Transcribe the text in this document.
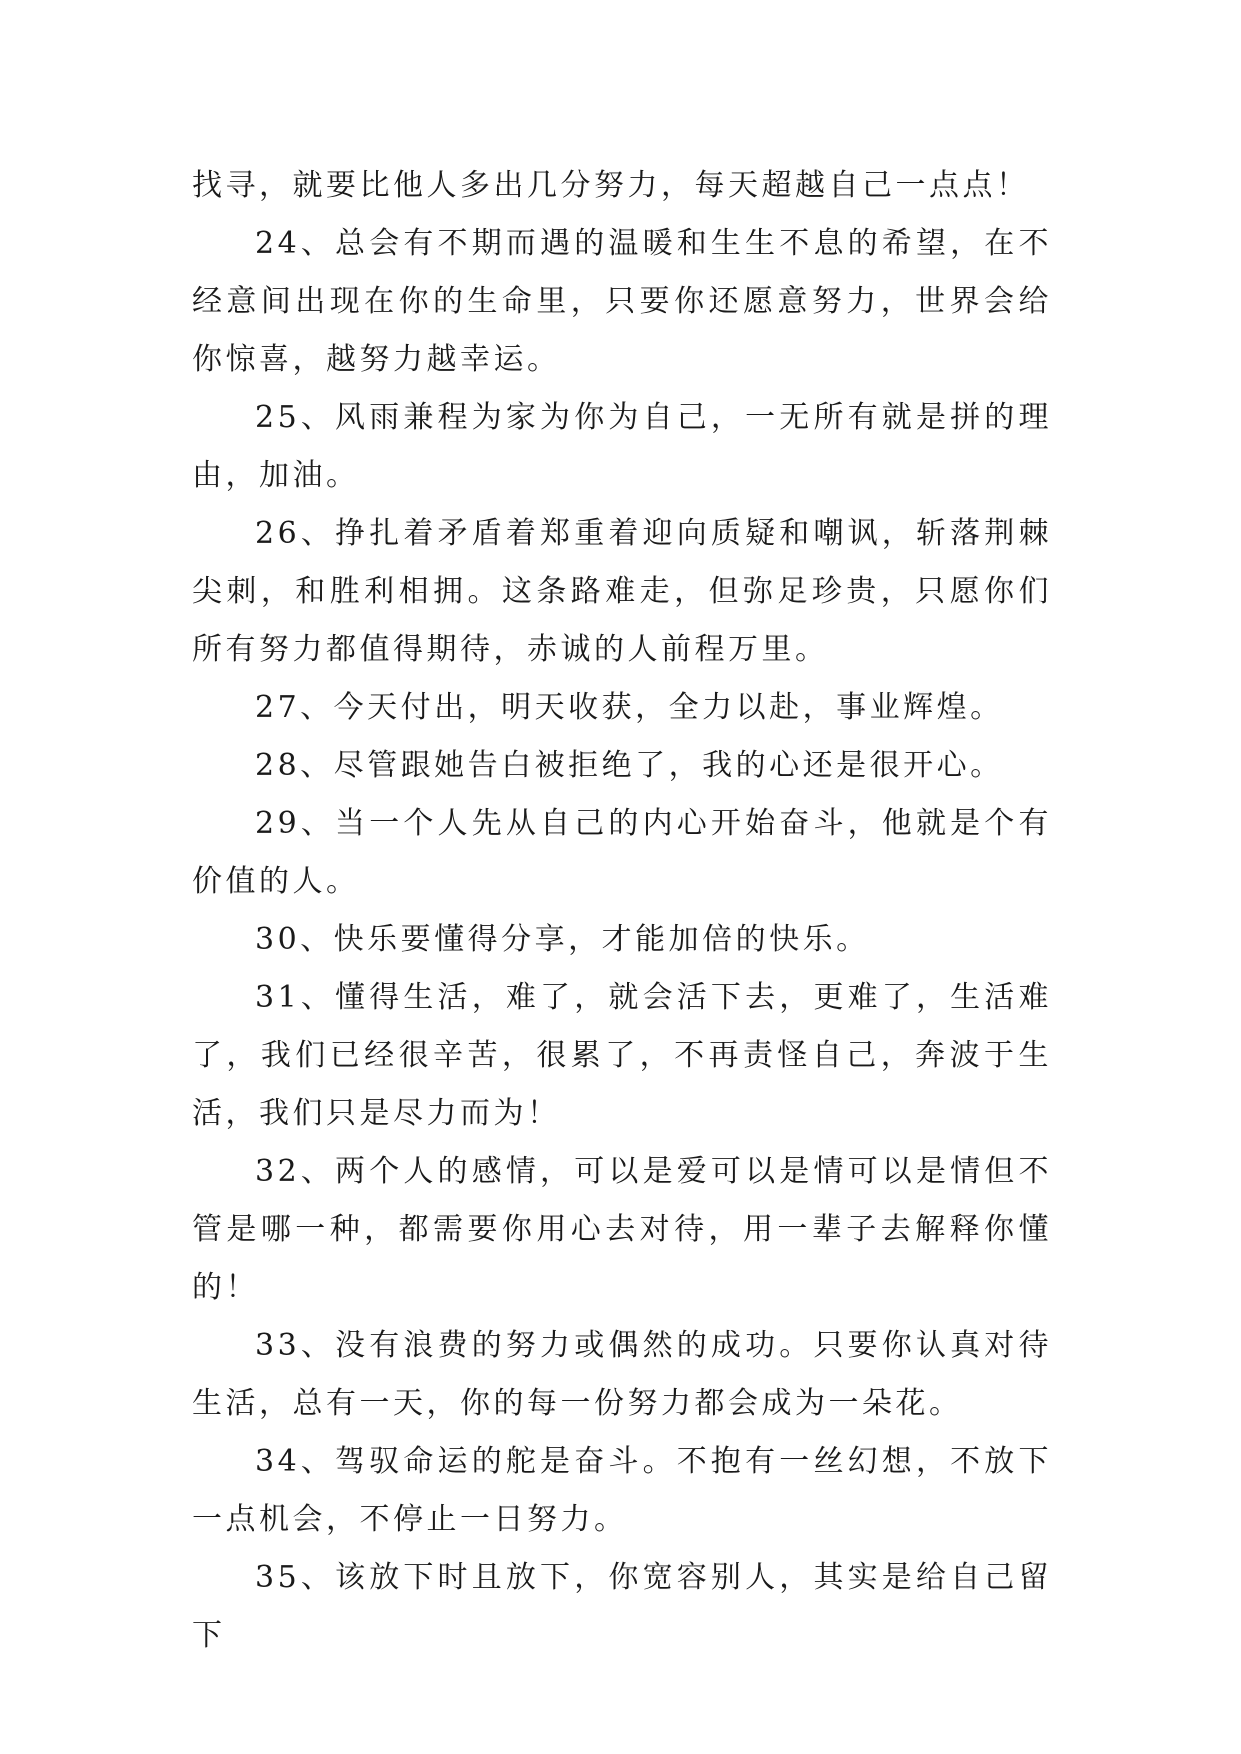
找寻，就要比他人多出几分努力，每天超越自己一点点！

24、总会有不期而遇的温暖和生生不息的希望，在不经意间出现在你的生命里，只要你还愿意努力，世界会给你惊喜，越努力越幸运。

25、风雨兼程为家为你为自己，一无所有就是拼的理由，加油。

26、挣扎着矛盾着郑重着迎向质疑和嘲讽，斩落荆棘尖刺，和胜利相拥。这条路难走，但弥足珍贵，只愿你们所有努力都值得期待，赤诚的人前程万里。

27、今天付出，明天收获，全力以赴，事业辉煌。

28、尽管跟她告白被拒绝了，我的心还是很开心。

29、当一个人先从自己的内心开始奋斗，他就是个有价值的人。

30、快乐要懂得分享，才能加倍的快乐。

31、懂得生活，难了，就会活下去，更难了，生活难了，我们已经很辛苦，很累了，不再责怪自己，奔波于生活，我们只是尽力而为！

32、两个人的感情，可以是爱可以是情可以是情但不管是哪一种，都需要你用心去对待，用一辈子去解释你懂的！

33、没有浪费的努力或偶然的成功。只要你认真对待生活，总有一天，你的每一份努力都会成为一朵花。

34、驾驭命运的舵是奋斗。不抱有一丝幻想，不放下一点机会，不停止一日努力。

35、该放下时且放下，你宽容别人，其实是给自己留下
